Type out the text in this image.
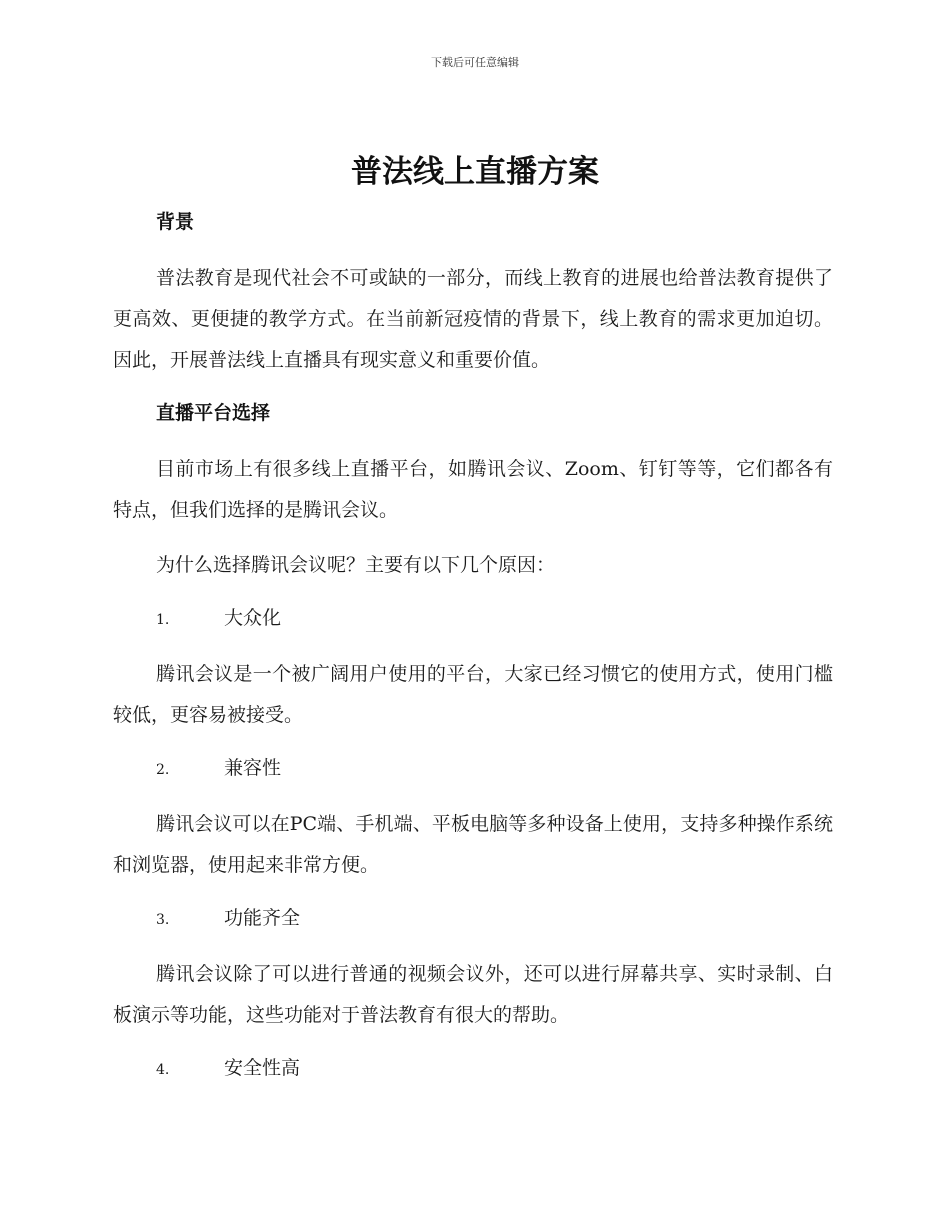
下载后可任意编辑
普法线上直播方案
背景

普法教育是现代社会不可或缺的一部分，而线上教育的进展也给普法教育提供了更高效、更便捷的教学方式。在当前新冠疫情的背景下，线上教育的需求更加迫切。因此，开展普法线上直播具有现实意义和重要价值。

直播平台选择

目前市场上有很多线上直播平台，如腾讯会议、Zoom、钉钉等等，它们都各有特点，但我们选择的是腾讯会议。

为什么选择腾讯会议呢？主要有以下几个原因：

1.	大众化

腾讯会议是一个被广阔用户使用的平台，大家已经习惯它的使用方式，使用门槛较低，更容易被接受。

2.	兼容性

腾讯会议可以在PC端、手机端、平板电脑等多种设备上使用，支持多种操作系统和浏览器，使用起来非常方便。

3.	功能齐全

腾讯会议除了可以进行普通的视频会议外，还可以进行屏幕共享、实时录制、白板演示等功能，这些功能对于普法教育有很大的帮助。

4.	安全性高
